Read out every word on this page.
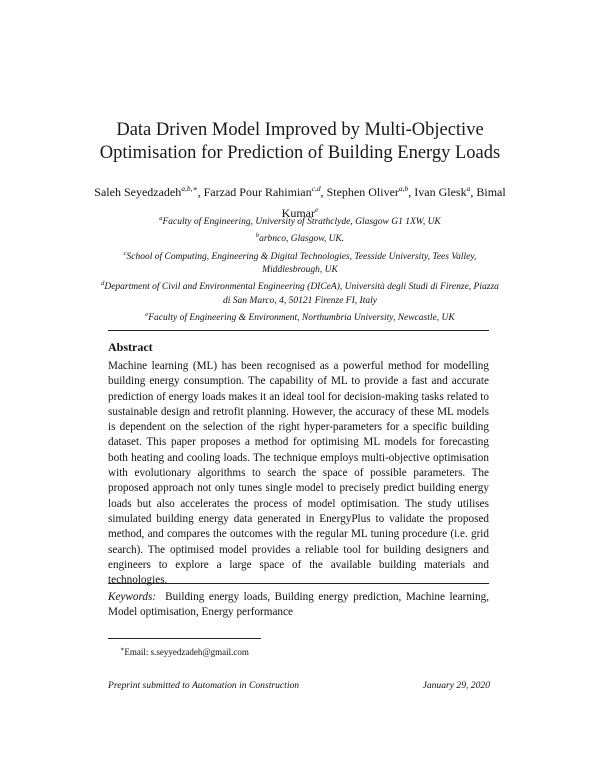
Data Driven Model Improved by Multi-Objective
Optimisation for Prediction of Building Energy Loads
Saleh Seyedzadeh$^{a,b,∗}$, Farzad Pour Rahimian$^{c,d}$, Stephen Oliver$^{a,b}$, Ivan Glesk$^a$, Bimal Kumar$^e$

$^a$Faculty of Engineering, University of Strathclyde, Glasgow G1 1XW, UK

$^b$arbnco, Glasgow, UK.

$^c$School of Computing, Engineering & Digital Technologies, Teesside University, Tees Valley, Middlesbrough, UK

$^d$Department of Civil and Environmental Engineering (DICeA), Università degli Studi di Firenze, Piazza di San Marco, 4, 50121 Firenze FI, Italy

$^e$Faculty of Engineering & Environment, Northumbria University, Newcastle, UK

Abstract

Machine learning (ML) has been recognised as a powerful method for modelling building energy consumption. The capability of ML to provide a fast and accurate prediction of energy loads makes it an ideal tool for decision-making tasks related to sustainable design and retrofit planning. However, the accuracy of these ML models is dependent on the selection of the right hyper-parameters for a specific building dataset. This paper proposes a method for optimising ML models for forecasting both heating and cooling loads. The technique employs multi-objective optimisation with evolutionary algorithms to search the space of possible parameters. The proposed approach not only tunes single model to precisely predict building energy loads but also accelerates the process of model optimisation. The study utilises simulated building energy data generated in EnergyPlus to validate the proposed method, and compares the outcomes with the regular ML tuning procedure (i.e. grid search). The optimised model provides a reliable tool for building designers and engineers to explore a large space of the available building materials and technologies.

Keywords: Building energy loads, Building energy prediction, Machine learning, Model optimisation, Energy performance

∗Email: s.seyyedzadeh@gmail.com
Preprint submitted to Automation in Construction	January 29, 2020
